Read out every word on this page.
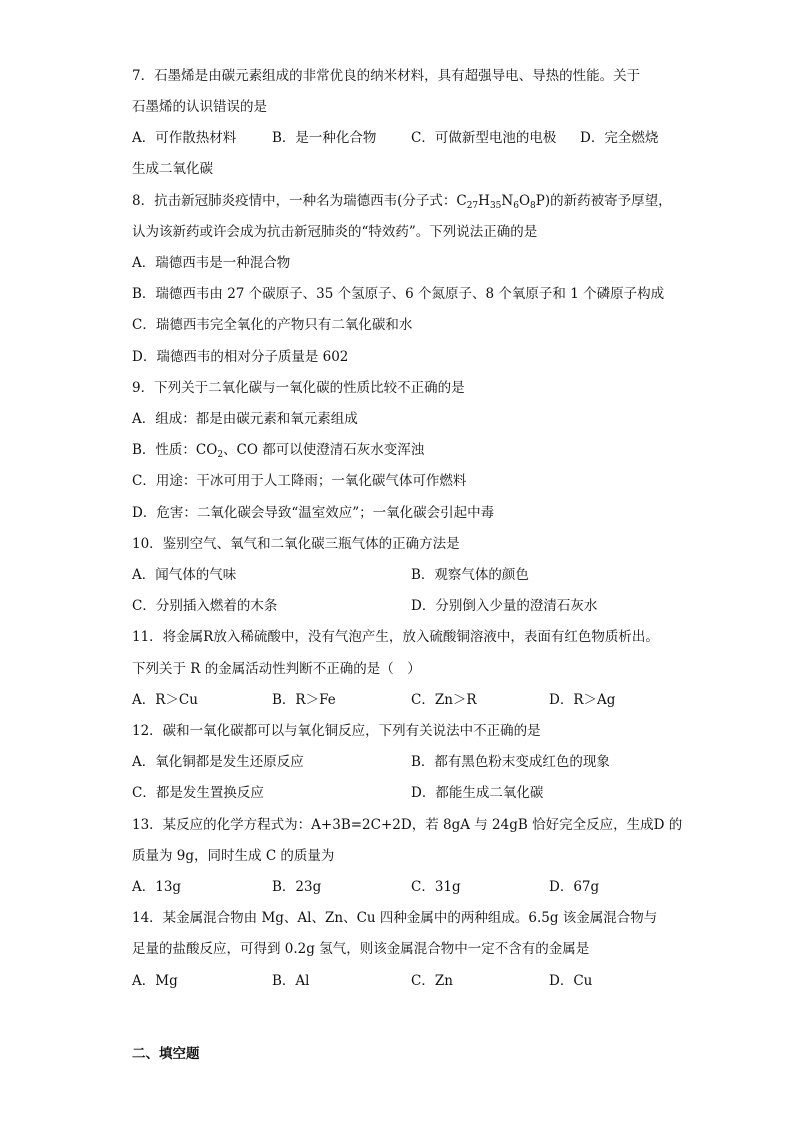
7．石墨烯是由碳元素组成的非常优良的纳米材料，具有超强导电、导热的性能。关于
石墨烯的认识错误的是
A．可作散热材料	B．是一种化合物	C．可做新型电池的电极 D．完全燃烧
生成二氧化碳
8．抗击新冠肺炎疫情中，一种名为瑞德西韦(分子式：$C_{27}H_{35}N_6O_8P$)的新药被寄予厚望，
认为该新药或许会成为抗击新冠肺炎的“特效药”。下列说法正确的是
A．瑞德西韦是一种混合物
B．瑞德西韦由 27 个碳原子、35 个氢原子、6 个氮原子、8 个氧原子和 1 个磷原子构成
C．瑞德西韦完全氧化的产物只有二氧化碳和水
D．瑞德西韦的相对分子质量是 602
9．下列关于二氧化碳与一氧化碳的性质比较不正确的是
A．组成：都是由碳元素和氧元素组成
B．性质：$CO_2$、CO 都可以使澄清石灰水变浑浊
C．用途：干冰可用于人工降雨；一氧化碳气体可作燃料
D．危害：二氧化碳会导致“温室效应”；一氧化碳会引起中毒
10．鉴别空气、氧气和二氧化碳三瓶气体的正确方法是
A．闻气体的气味	B．观察气体的颜色
C．分别插入燃着的木条	D．分别倒入少量的澄清石灰水
11．将金属R放入稀硫酸中，没有气泡产生，放入硫酸铜溶液中，表面有红色物质析出。
下列关于 R 的金属活动性判断不正确的是（　）
A．R＞Cu	B．R＞Fe	C．Zn＞R	D．R＞Ag
12．碳和一氧化碳都可以与氧化铜反应，下列有关说法中不正确的是
A．氧化铜都是发生还原反应	B．都有黑色粉末变成红色的现象
C．都是发生置换反应	D．都能生成二氧化碳
13．某反应的化学方程式为：A+3B=2C+2D，若 8gA 与 24gB 恰好完全反应，生成D 的
质量为 9g，同时生成 C 的质量为
A．13g	B．23g	C．31g	D．67g
14．某金属混合物由 Mg、Al、Zn、Cu 四种金属中的两种组成。6.5g 该金属混合物与
足量的盐酸反应，可得到 0.2g 氢气，则该金属混合物中一定不含有的金属是
A．Mg	B．Al	C．Zn	D．Cu
二、填空题
